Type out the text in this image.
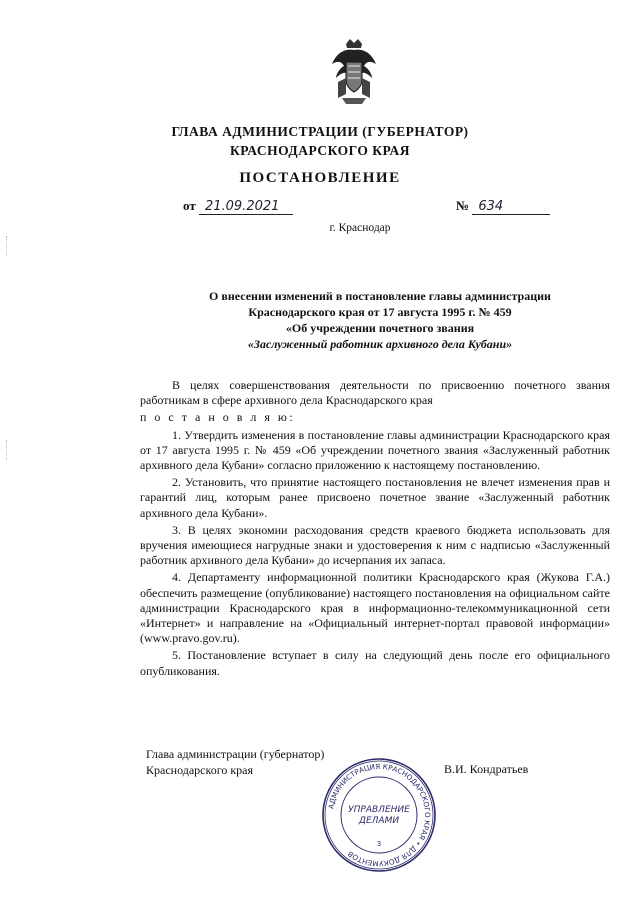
ГЛАВА АДМИНИСТРАЦИИ (ГУБЕРНАТОР)
КРАСНОДАРСКОГО КРАЯ
ПОСТАНОВЛЕНИЕ
от 21.09.2021	№ 634
г. Краснодар
О внесении изменений в постановление главы администрации
Краснодарского края от 17 августа 1995 г. № 459
«Об учреждении почетного звания
«Заслуженный работник архивного дела Кубани»

В целях совершенствования деятельности по присвоению почетного звания работникам в сфере архивного дела Краснодарского края

п о с т а н о в л я ю:

1. Утвердить изменения в постановление главы администрации Краснодарского края от 17 августа 1995 г. № 459 «Об учреждении почетного звания «Заслуженный работник архивного дела Кубани» согласно приложению к настоящему постановлению.

2. Установить, что принятие настоящего постановления не влечет изменения прав и гарантий лиц, которым ранее присвоено почетное звание «Заслуженный работник архивного дела Кубани».

3. В целях экономии расходования средств краевого бюджета использовать для вручения имеющиеся нагрудные знаки и удостоверения к ним с надписью «Заслуженный работник архивного дела Кубани» до исчерпания их запаса.

4. Департаменту информационной политики Краснодарского края (Жукова Г.А.) обеспечить размещение (опубликование) настоящего постановления на официальном сайте администрации Краснодарского края в информационно-телекоммуникационной сети «Интернет» и направление на «Официальный интернет-портал правовой информации» (www.pravo.gov.ru).

5. Постановление вступает в силу на следующий день после его официального опубликования.

Глава администрации (губернатор)
Краснодарского края	В.И. Кондратьев
АДМИНИСТРАЦИЯ КРАСНОДАРСКОГО КРАЯ • ДЛЯ ДОКУМЕНТОВ
УПРАВЛЕНИЕ
ДЕЛАМИ
3
